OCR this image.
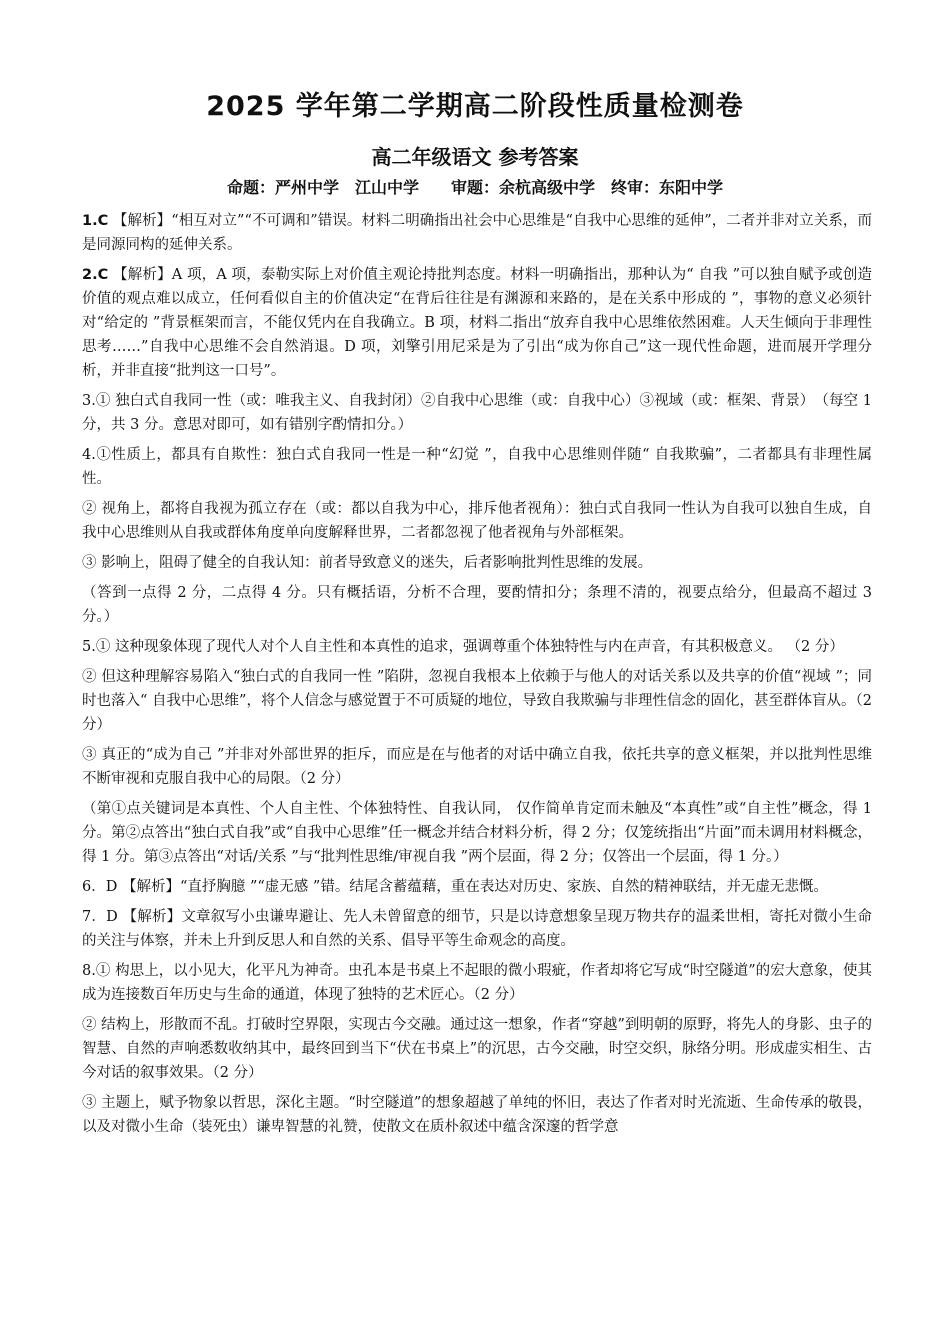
2025 学年第二学期高二阶段性质量检测卷
高二年级语文 参考答案
命题：严州中学　江山中学　　审题：余杭高级中学　终审：东阳中学

1.C 【解析】“相互对立”“不可调和”错误。材料二明确指出社会中心思维是“自我中心思维的延伸”，二者并非对立关系，而是同源同构的延伸关系。

2.C 【解析】A 项，A 项，泰勒实际上对价值主观论持批判态度。材料一明确指出，那种认为“ 自我 ”可以独自赋予或创造价值的观点难以成立，任何看似自主的价值决定“在背后往往是有渊源和来路的，是在关系中形成的 ”，事物的意义必须针对“给定的 ”背景框架而言，不能仅凭内在自我确立。B 项，材料二指出“放弃自我中心思维依然困难。人天生倾向于非理性思考……”自我中心思维不会自然消退。D 项，刘擎引用尼采是为了引出“成为你自己”这一现代性命题，进而展开学理分析，并非直接“批判这一口号”。

3.① 独白式自我同一性（或：唯我主义、自我封闭）②自我中心思维（或：自我中心）③视域（或：框架、背景）　（每空 1 分，共 3 分。意思对即可，如有错别字酌情扣分。）

4.①性质上，都具有自欺性：独白式自我同一性是一种“幻觉 ”，自我中心思维则伴随“ 自我欺骗”，二者都具有非理性属性。

② 视角上，都将自我视为孤立存在（或：都以自我为中心，排斥他者视角）：独白式自我同一性认为自我可以独自生成，自我中心思维则从自我或群体角度单向度解释世界，二者都忽视了他者视角与外部框架。

③ 影响上，阻碍了健全的自我认知：前者导致意义的迷失，后者影响批判性思维的发展。

（答到一点得 2 分，二点得 4 分。只有概括语，分析不合理，要酌情扣分；条理不清的，视要点给分，但最高不超过 3 分。）

5.① 这种现象体现了现代人对个人自主性和本真性的追求，强调尊重个体独特性与内在声音，有其积极意义。 （2 分）

② 但这种理解容易陷入“独白式的自我同一性 ”陷阱，忽视自我根本上依赖于与他人的对话关系以及共享的价值“视域 ”；同时也落入“ 自我中心思维”，将个人信念与感觉置于不可质疑的地位，导致自我欺骗与非理性信念的固化，甚至群体盲从。（2 分）

③ 真正的“成为自己 ”并非对外部世界的拒斥，而应是在与他者的对话中确立自我，依托共享的意义框架，并以批判性思维不断审视和克服自我中心的局限。（2 分）

（第①点关键词是本真性、个人自主性、个体独特性、自我认同， 仅作简单肯定而未触及“本真性”或“自主性”概念，得 1 分。第②点答出“独白式自我”或“自我中心思维”任一概念并结合材料分析，得 2 分；仅笼统指出“片面”而未调用材料概念，得 1 分。第③点答出“对话/关系 ”与“批判性思维/审视自我 ”两个层面，得 2 分；仅答出一个层面，得 1 分。）

6．D 【解析】“直抒胸臆 ”“虚无感 ”错。结尾含蓄蕴藉，重在表达对历史、家族、自然的精神联结，并无虚无悲慨。

7．D 【解析】文章叙写小虫谦卑避让、先人未曾留意的细节，只是以诗意想象呈现万物共存的温柔世相，寄托对微小生命的关注与体察，并未上升到反思人和自然的关系、倡导平等生命观念的高度。

8.① 构思上，以小见大，化平凡为神奇。虫孔本是书桌上不起眼的微小瑕疵，作者却将它写成“时空隧道”的宏大意象，使其成为连接数百年历史与生命的通道，体现了独特的艺术匠心。（2 分）

② 结构上，形散而不乱。打破时空界限，实现古今交融。通过这一想象，作者“穿越”到明朝的原野，将先人的身影、虫子的智慧、自然的声响悉数收纳其中，最终回到当下“伏在书桌上”的沉思，古今交融，时空交织，脉络分明。形成虚实相生、古今对话的叙事效果。（2 分）

③ 主题上，赋予物象以哲思，深化主题。“时空隧道”的想象超越了单纯的怀旧，表达了作者对时光流逝、生命传承的敬畏，以及对微小生命（装死虫）谦卑智慧的礼赞，使散文在质朴叙述中蕴含深邃的哲学意
